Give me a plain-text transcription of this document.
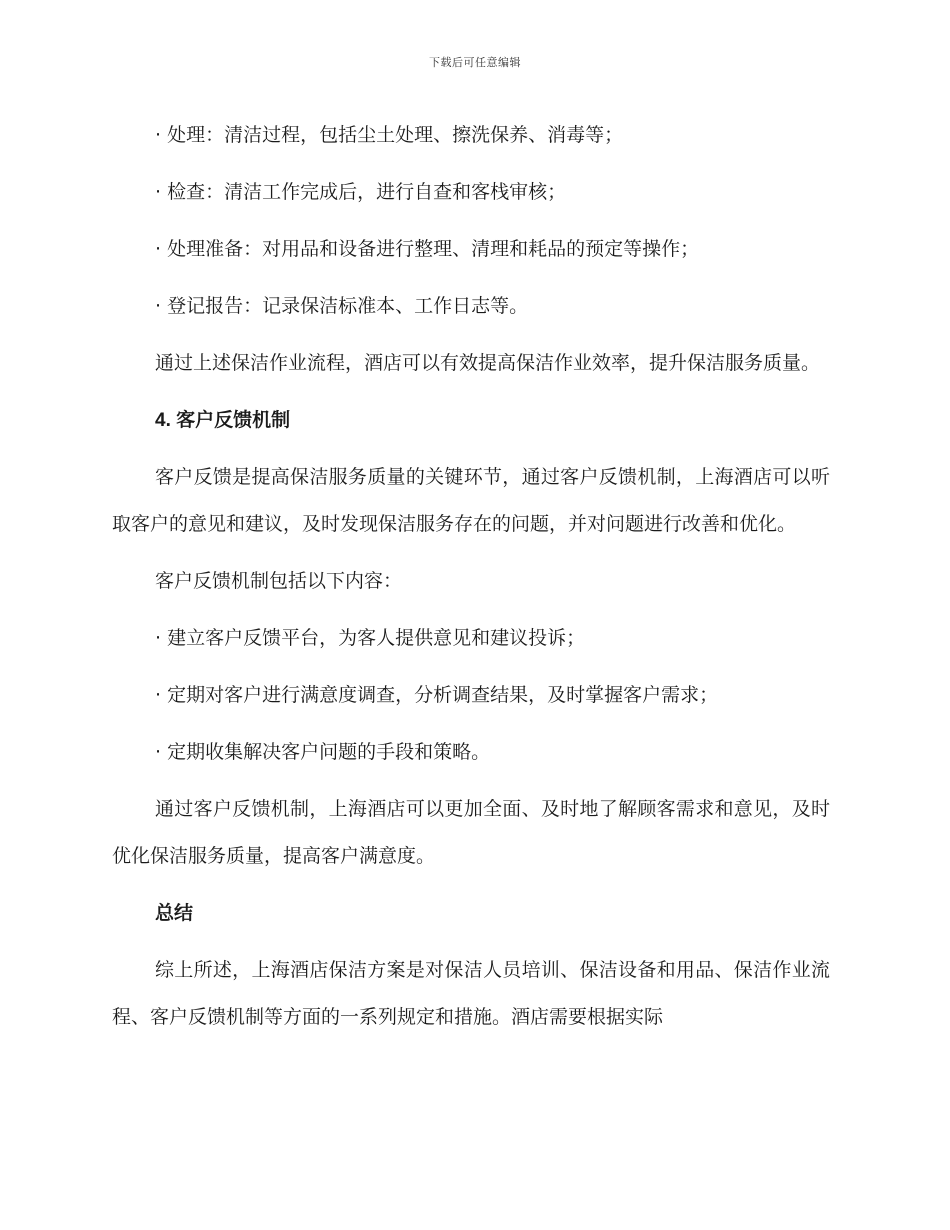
下载后可任意编辑
· 处理：清洁过程，包括尘土处理、擦洗保养、消毒等；
· 检查：清洁工作完成后，进行自查和客栈审核；
· 处理准备：对用品和设备进行整理、清理和耗品的预定等操作；
· 登记报告：记录保洁标准本、工作日志等。
通过上述保洁作业流程，酒店可以有效提高保洁作业效率，提升保洁服务质量。
4. 客户反馈机制
客户反馈是提高保洁服务质量的关键环节，通过客户反馈机制，上海酒店可以听取客户的意见和建议，及时发现保洁服务存在的问题，并对问题进行改善和优化。
客户反馈机制包括以下内容：
· 建立客户反馈平台，为客人提供意见和建议投诉；
· 定期对客户进行满意度调查，分析调查结果，及时掌握客户需求；
· 定期收集解决客户问题的手段和策略。
通过客户反馈机制，上海酒店可以更加全面、及时地了解顾客需求和意见，及时优化保洁服务质量，提高客户满意度。
总结
综上所述，上海酒店保洁方案是对保洁人员培训、保洁设备和用品、保洁作业流程、客户反馈机制等方面的一系列规定和措施。酒店需要根据实际
